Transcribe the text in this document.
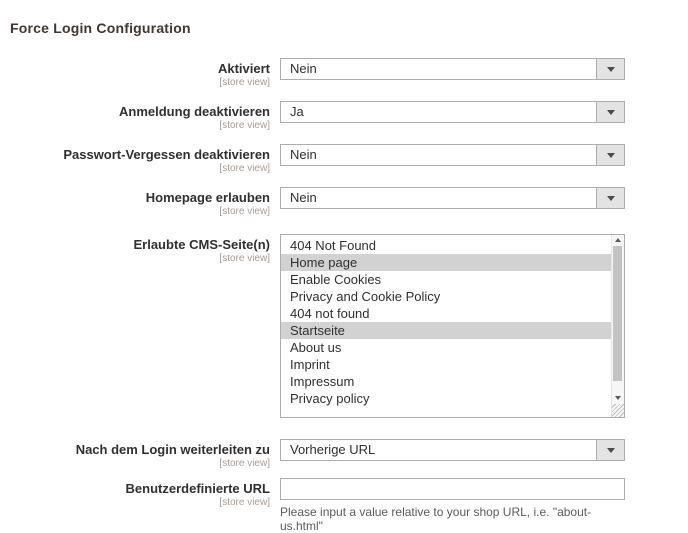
Force Login Configuration
Aktiviert
[store view]
Nein
Anmeldung deaktivieren
[store view]
Ja
Passwort-Vergessen deaktivieren
[store view]
Nein
Homepage erlauben
[store view]
Nein
Erlaubte CMS-Seite(n)
[store view]
404 Not Found
Home page
Enable Cookies
Privacy and Cookie Policy
404 not found
Startseite
About us
Imprint
Impressum
Privacy policy
Nach dem Login weiterleiten zu
[store view]
Vorherige URL
Benutzerdefinierte URL
[store view]
Please input a value relative to your shop URL, i.e. "about-us.html"
